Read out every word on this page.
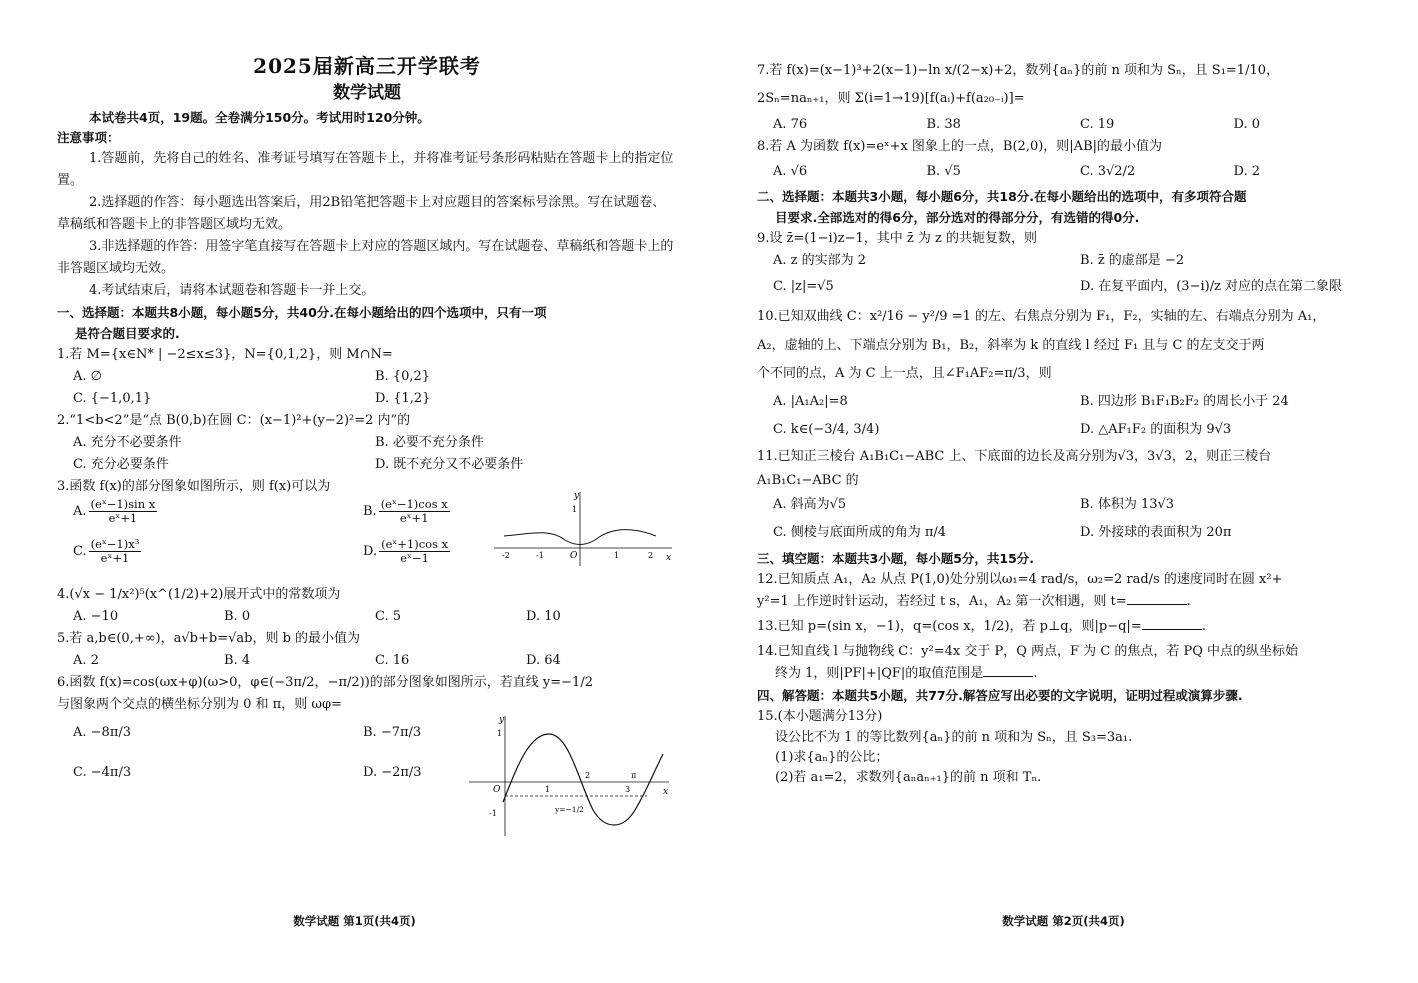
2025届新高三开学联考
数学试题
本试卷共4页，19题。全卷满分150分。考试用时120分钟。
注意事项：
1.答题前，先将自己的姓名、准考证号填写在答题卡上，并将准考证号条形码粘贴在答题卡上的指定位置。
2.选择题的作答：每小题选出答案后，用2B铅笔把答题卡上对应题目的答案标号涂黑。写在试题卷、草稿纸和答题卡上的非答题区域均无效。
3.非选择题的作答：用签字笔直接写在答题卡上对应的答题区域内。写在试题卷、草稿纸和答题卡上的非答题区域均无效。
4.考试结束后，请将本试题卷和答题卡一并上交。
一、选择题：本题共8小题，每小题5分，共40分.在每小题给出的四个选项中，只有一项
是符合题目要求的.
1.若 M={x∈N* | −2≤x≤3}，N={0,1,2}，则 M∩N=
A. ∅	B. {0,2}
C. {−1,0,1}	D. {1,2}
2.“1<b<2”是“点 B(0,b)在圆 C：(x−1)²+(y−2)²=2 内”的
A. 充分不必要条件	B. 必要不充分条件
C. 充分必要条件	D. 既不充分又不必要条件
3.函数 f(x)的部分图象如图所示，则 f(x)可以为
A. $\frac{\text{(eˣ−1)sin x}}{\text{eˣ+1}}$	B. $\frac{\text{(eˣ−1)cos x}}{\text{eˣ+1}}$
C. $\frac{\text{(eˣ−1)x³}}{\text{eˣ+1}}$	D. $\frac{\text{(eˣ+1)cos x}}{\text{eˣ−1}}$
y
x
O
-2	-1	1	2
1
4.(√x − 1/x²)⁵(x^(1/2)+2)展开式中的常数项为
A. −10	B. 0	C. 5	D. 10
5.若 a,b∈(0,+∞)，a√b+b=√ab，则 b 的最小值为
A. 2	B. 4	C. 16	D. 64
6.函数 f(x)=cos(ωx+φ)(ω>0，φ∈(−3π/2，−π/2))的部分图象如图所示，若直线 y=−1/2
与图象两个交点的横坐标分别为 0 和 π，则 ωφ=
A. −8π/3	B. −7π/3
C. −4π/3	D. −2π/3
y
x
O
1
-1
1
2
3
π
y=−1/2
数学试题 第1页(共4页)
7.若 f(x)=(x−1)³+2(x−1)−ln x/(2−x)+2，数列{aₙ}的前 n 项和为 Sₙ，且 S₁=1/10，
2Sₙ=naₙ₊₁，则 Σ(i=1→19)[f(aᵢ)+f(a₂₀₋ᵢ)]=
A. 76	B. 38	C. 19	D. 0
8.若 A 为函数 f(x)=eˣ+x 图象上的一点，B(2,0)，则|AB|的最小值为
A. √6	B. √5	C. 3√2/2	D. 2
二、选择题：本题共3小题，每小题6分，共18分.在每小题给出的选项中，有多项符合题
目要求.全部选对的得6分，部分选对的得部分分，有选错的得0分.
9.设 z̄=(1−i)z−1，其中 z̄ 为 z 的共轭复数，则
A. z 的实部为 2	B. z̄ 的虚部是 −2
C. |z|=√5	D. 在复平面内，(3−i)/z 对应的点在第二象限
10.已知双曲线 C：x²/16 − y²/9 =1 的左、右焦点分别为 F₁，F₂，实轴的左、右端点分别为 A₁，
A₂，虚轴的上、下端点分别为 B₁，B₂，斜率为 k 的直线 l 经过 F₁ 且与 C 的左支交于两
个不同的点，A 为 C 上一点，且∠F₁AF₂=π/3，则
A. |A₁A₂|=8	B. 四边形 B₁F₁B₂F₂ 的周长小于 24
C. k∈(−3/4, 3/4)	D. △AF₁F₂ 的面积为 9√3
11.已知正三棱台 A₁B₁C₁−ABC 上、下底面的边长及高分别为√3，3√3，2，则正三棱台
A₁B₁C₁−ABC 的
A. 斜高为√5	B. 体积为 13√3
C. 侧棱与底面所成的角为 π/4	D. 外接球的表面积为 20π
三、填空题：本题共3小题，每小题5分，共15分.
12.已知质点 A₁，A₂ 从点 P(1,0)处分别以ω₁=4 rad/s，ω₂=2 rad/s 的速度同时在圆 x²+
y²=1 上作逆时针运动，若经过 t s，A₁，A₂ 第一次相遇，则 t=	.
13.已知 p=(sin x，−1)，q=(cos x，1/2)，若 p⊥q，则|p−q|=	.
14.已知直线 l 与抛物线 C：y²=4x 交于 P，Q 两点，F 为 C 的焦点，若 PQ 中点的纵坐标始
终为 1，则|PF|+|QF|的取值范围是	.
四、解答题：本题共5小题，共77分.解答应写出必要的文字说明，证明过程或演算步骤.
15.(本小题满分13分)
设公比不为 1 的等比数列{aₙ}的前 n 项和为 Sₙ，且 S₃=3a₁.
(1)求{aₙ}的公比；
(2)若 a₁=2，求数列{aₙaₙ₊₁}的前 n 项和 Tₙ.
数学试题 第2页(共4页)
